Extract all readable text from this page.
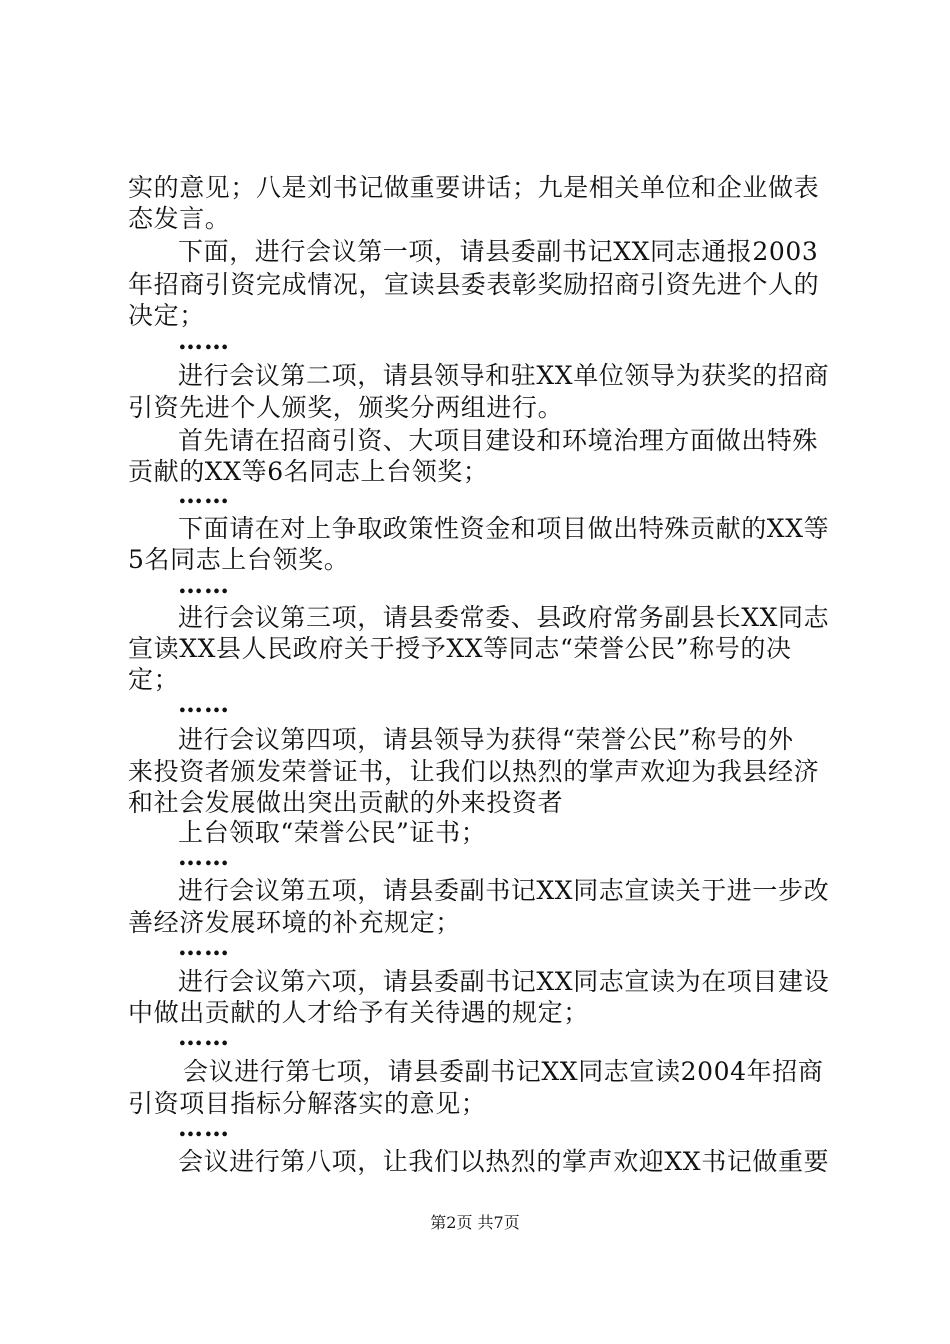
实的意见；八是刘书记做重要讲话；九是相关单位和企业做表
态发言。
下面，进行会议第一项，请县委副书记XX同志通报2003
年招商引资完成情况，宣读县委表彰奖励招商引资先进个人的
决定；
……
进行会议第二项，请县领导和驻XX单位领导为获奖的招商
引资先进个人颁奖，颁奖分两组进行。
首先请在招商引资、大项目建设和环境治理方面做出特殊
贡献的XX等6名同志上台领奖；
……
下面请在对上争取政策性资金和项目做出特殊贡献的XX等
5名同志上台领奖。
……
进行会议第三项，请县委常委、县政府常务副县长XX同志
宣读XX县人民政府关于授予XX等同志“荣誉公民”称号的决
定；
……
进行会议第四项，请县领导为获得“荣誉公民”称号的外
来投资者颁发荣誉证书，让我们以热烈的掌声欢迎为我县经济
和社会发展做出突出贡献的外来投资者
上台领取“荣誉公民”证书；
……
进行会议第五项，请县委副书记XX同志宣读关于进一步改
善经济发展环境的补充规定；
……
进行会议第六项，请县委副书记XX同志宣读为在项目建设
中做出贡献的人才给予有关待遇的规定；
……
会议进行第七项，请县委副书记XX同志宣读2004年招商
引资项目指标分解落实的意见；
……
会议进行第八项，让我们以热烈的掌声欢迎XX书记做重要
第2页 共7页
